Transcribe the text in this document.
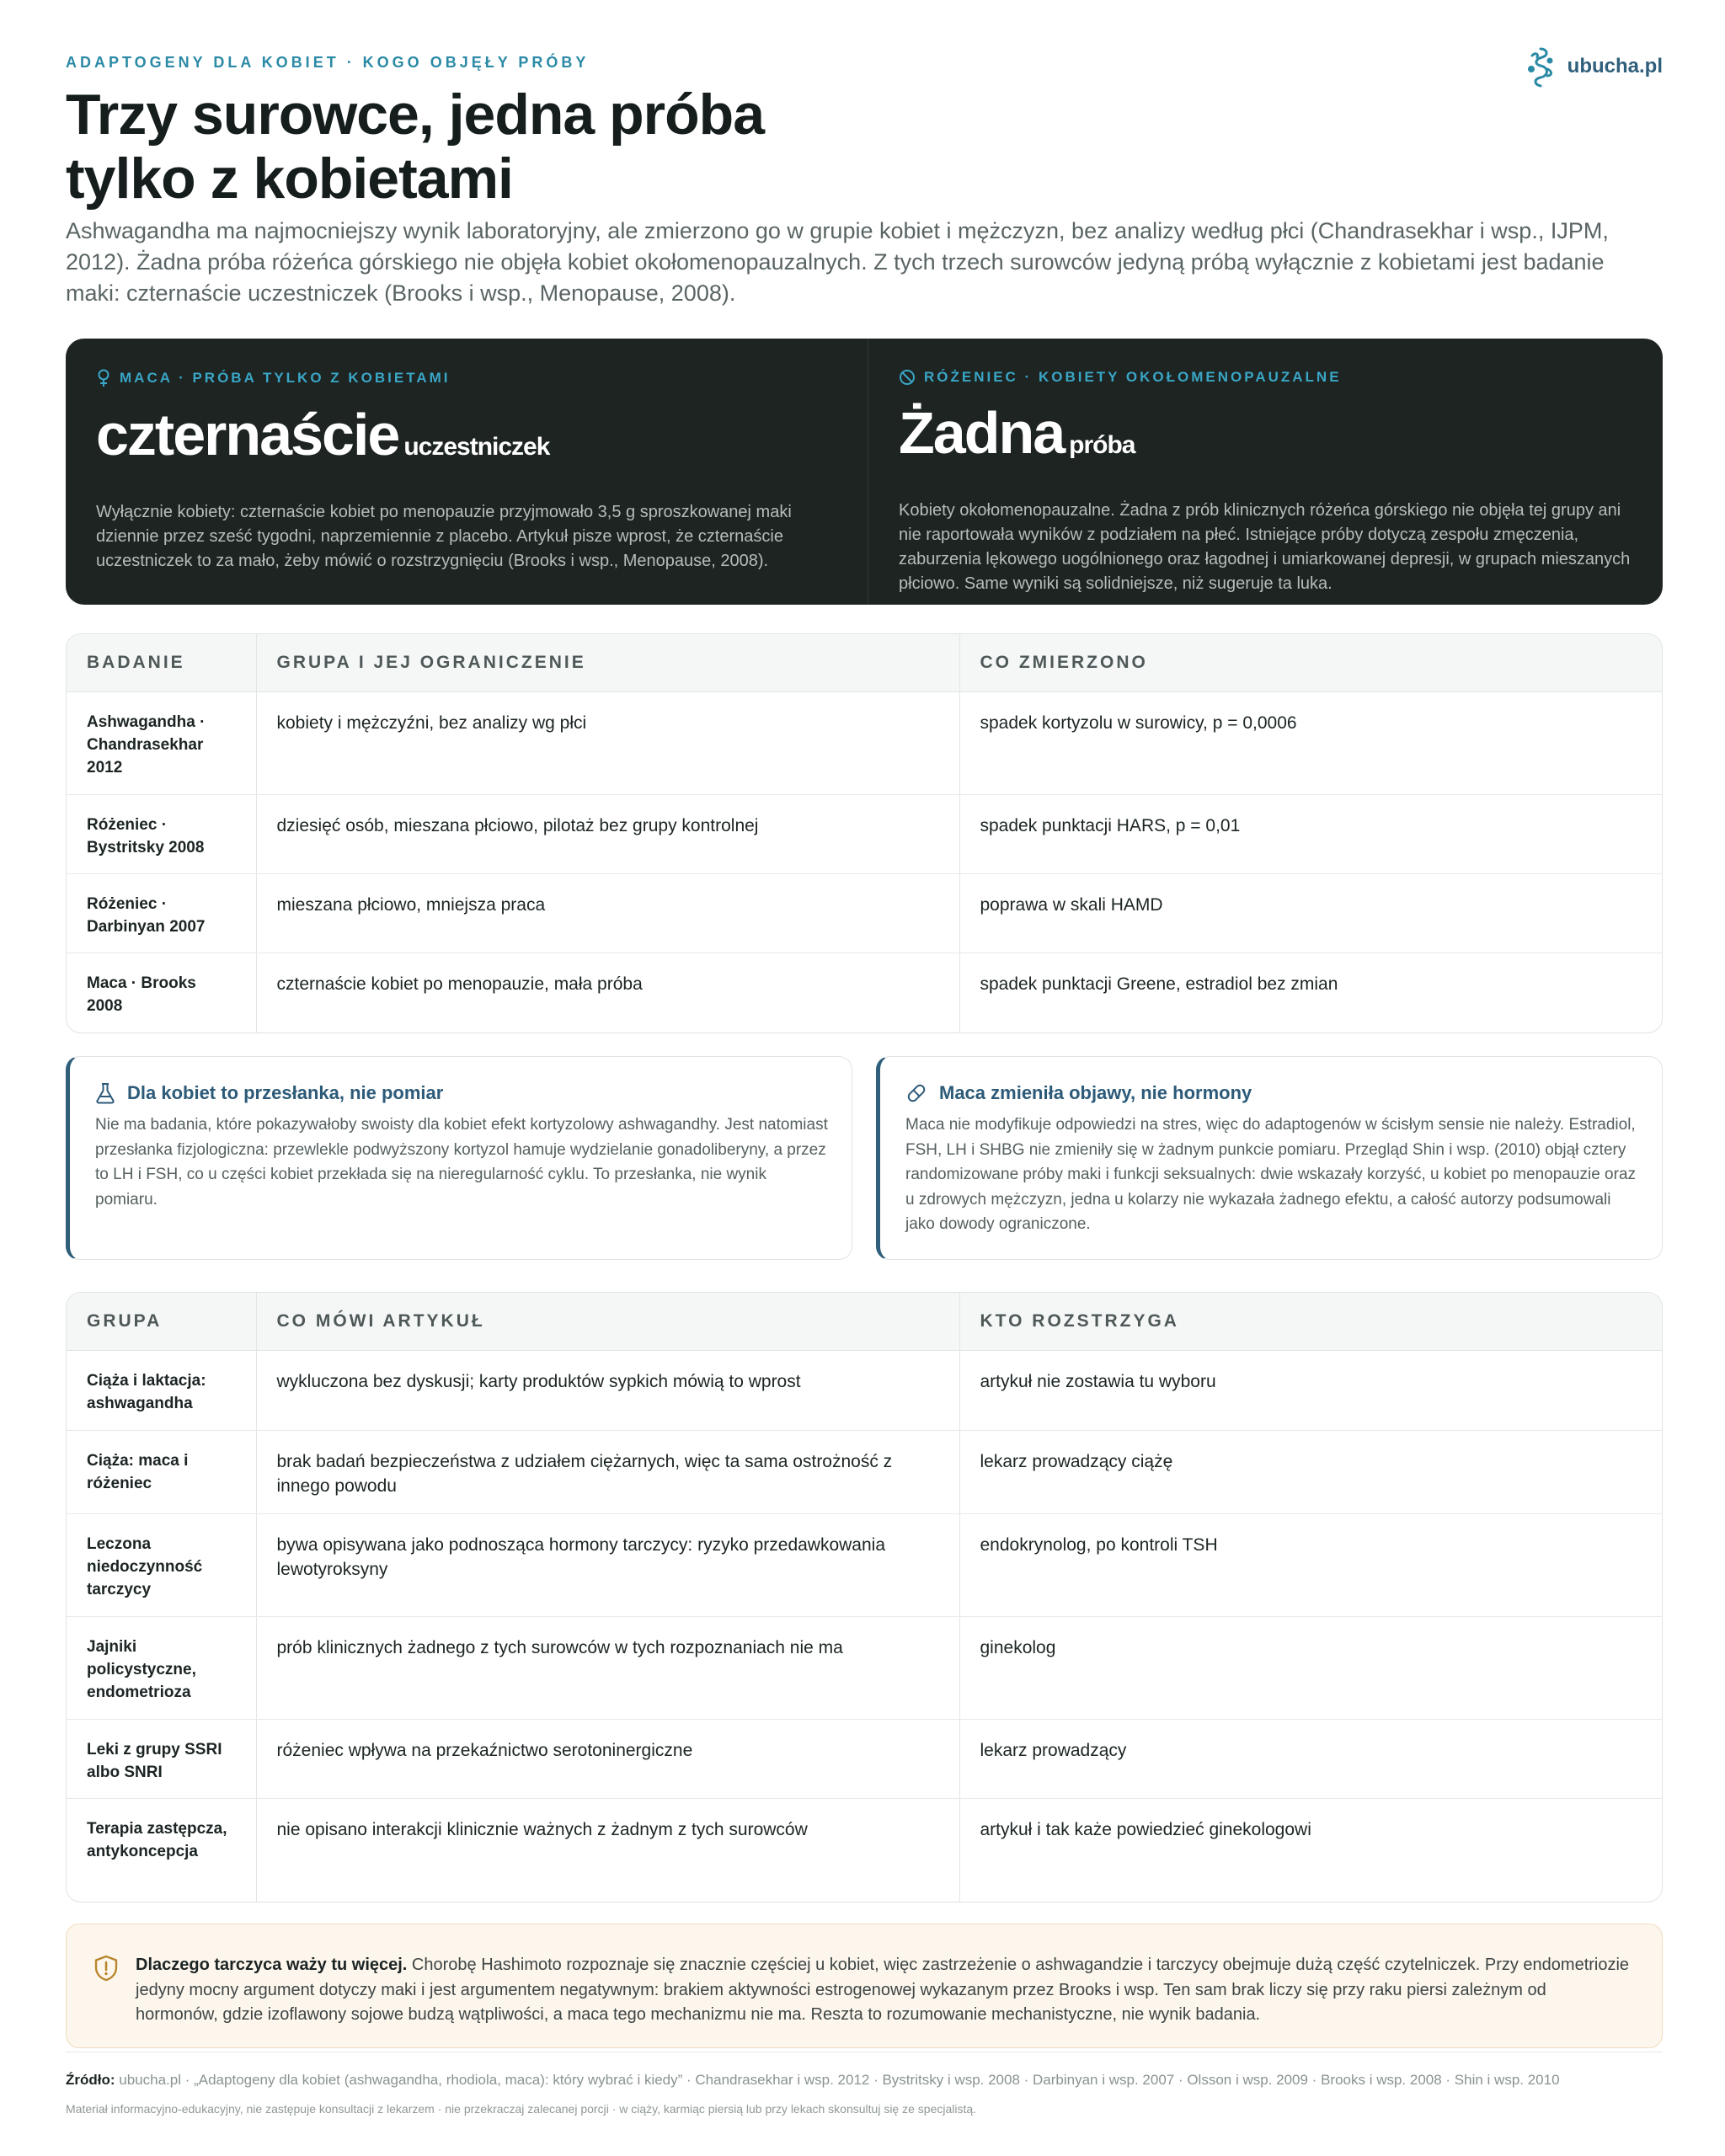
ADAPTOGENY DLA KOBIET · KOGO OBJĘŁY PRÓBY	ubucha.pl
Trzy surowce, jedna próba
tylko z kobietami

Ashwagandha ma najmocniejszy wynik laboratoryjny, ale zmierzono go w grupie kobiet i mężczyzn, bez analizy według płci (Chandrasekhar i wsp., IJPM, 2012). Żadna próba różeńca górskiego nie objęła kobiet okołomenopauzalnych. Z tych trzech surowców jedyną próbą wyłącznie z kobietami jest badanie maki: czternaście uczestniczek (Brooks i wsp., Menopause, 2008).

MACA · PRÓBA TYLKO Z KOBIETAMI
czternaście uczestniczek
Wyłącznie kobiety: czternaście kobiet po menopauzie przyjmowało 3,5 g sproszkowanej maki dziennie przez sześć tygodni, naprzemiennie z placebo. Artykuł pisze wprost, że czternaście uczestniczek to za mało, żeby mówić o rozstrzygnięciu (Brooks i wsp., Menopause, 2008).
RÓŻENIEC · KOBIETY OKOŁOMENOPAUZALNE
Żadna próba
Kobiety okołomenopauzalne. Żadna z prób klinicznych różeńca górskiego nie objęła tej grupy ani nie raportowała wyników z podziałem na płeć. Istniejące próby dotyczą zespołu zmęczenia, zaburzenia lękowego uogólnionego oraz łagodnej i umiarkowanej depresji, w grupach mieszanych płciowo. Same wyniki są solidniejsze, niż sugeruje ta luka.
BADANIE	GRUPA I JEJ OGRANICZENIE	CO ZMIERZONO
Ashwagandha · Chandrasekhar 2012	kobiety i mężczyźni, bez analizy wg płci	spadek kortyzolu w surowicy, p = 0,0006
Różeniec · Bystritsky 2008	dziesięć osób, mieszana płciowo, pilotaż bez grupy kontrolnej	spadek punktacji HARS, p = 0,01
Różeniec · Darbinyan 2007	mieszana płciowo, mniejsza praca	poprawa w skali HAMD
Maca · Brooks 2008	czternaście kobiet po menopauzie, mała próba	spadek punktacji Greene, estradiol bez zmian
Dla kobiet to przesłanka, nie pomiar
Nie ma badania, które pokazywałoby swoisty dla kobiet efekt kortyzolowy ashwagandhy. Jest natomiast przesłanka fizjologiczna: przewlekle podwyższony kortyzol hamuje wydzielanie gonadoliberyny, a przez to LH i FSH, co u części kobiet przekłada się na nieregularność cyklu. To przesłanka, nie wynik pomiaru.
Maca zmieniła objawy, nie hormony
Maca nie modyfikuje odpowiedzi na stres, więc do adaptogenów w ścisłym sensie nie należy. Estradiol, FSH, LH i SHBG nie zmieniły się w żadnym punkcie pomiaru. Przegląd Shin i wsp. (2010) objął cztery randomizowane próby maki i funkcji seksualnych: dwie wskazały korzyść, u kobiet po menopauzie oraz u zdrowych mężczyzn, jedna u kolarzy nie wykazała żadnego efektu, a całość autorzy podsumowali jako dowody ograniczone.
GRUPA	CO MÓWI ARTYKUŁ	KTO ROZSTRZYGA
Ciąża i laktacja: ashwagandha	wykluczona bez dyskusji; karty produktów sypkich mówią to wprost	artykuł nie zostawia tu wyboru
Ciąża: maca i różeniec	brak badań bezpieczeństwa z udziałem ciężarnych, więc ta sama ostrożność z innego powodu	lekarz prowadzący ciążę
Leczona niedoczynność tarczycy	bywa opisywana jako podnosząca hormony tarczycy: ryzyko przedawkowania lewotyroksyny	endokrynolog, po kontroli TSH
Jajniki policystyczne, endometrioza	prób klinicznych żadnego z tych surowców w tych rozpoznaniach nie ma	ginekolog
Leki z grupy SSRI albo SNRI	różeniec wpływa na przekaźnictwo serotoninergiczne	lekarz prowadzący
Terapia zastępcza, antykoncepcja	nie opisano interakcji klinicznie ważnych z żadnym z tych surowców	artykuł i tak każe powiedzieć ginekologowi
Dlaczego tarczyca waży tu więcej. Chorobę Hashimoto rozpoznaje się znacznie częściej u kobiet, więc zastrzeżenie o ashwagandzie i tarczycy obejmuje dużą część czytelniczek. Przy endometriozie jedyny mocny argument dotyczy maki i jest argumentem negatywnym: brakiem aktywności estrogenowej wykazanym przez Brooks i wsp. Ten sam brak liczy się przy raku piersi zależnym od hormonów, gdzie izoflawony sojowe budzą wątpliwości, a maca tego mechanizmu nie ma. Reszta to rozumowanie mechanistyczne, nie wynik badania.
Źródło: ubucha.pl · „Adaptogeny dla kobiet (ashwagandha, rhodiola, maca): który wybrać i kiedy” · Chandrasekhar i wsp. 2012 · Bystritsky i wsp. 2008 · Darbinyan i wsp. 2007 · Olsson i wsp. 2009 · Brooks i wsp. 2008 · Shin i wsp. 2010
Materiał informacyjno-edukacyjny, nie zastępuje konsultacji z lekarzem · nie przekraczaj zalecanej porcji · w ciąży, karmiąc piersią lub przy lekach skonsultuj się ze specjalistą.
